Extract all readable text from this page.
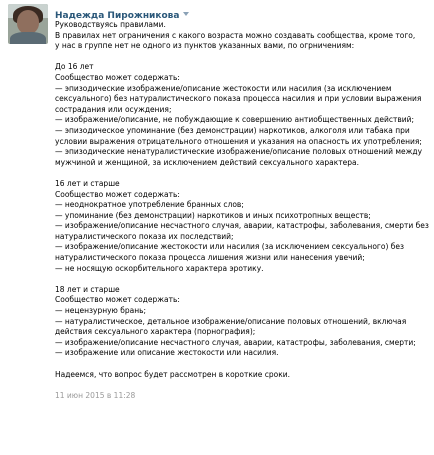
Надежда Пирожникова
Руководствуясь правилами.
В правилах нет ограничения с какого возраста можно создавать сообщества, кроме того,
у нас в группе нет не одного из пунктов указанных вами, по огрничениям:
До 16 лет
Сообщество может содержать:
— эпизодические изображение/описание жестокости или насилия (за исключением
сексуального) без натуралистического показа процесса насилия и при условии выражения
сострадания или осуждения;
— изображение/описание, не побуждающие к совершению антиобщественных действий;
— эпизодическое упоминание (без демонстрации) наркотиков, алкоголя или табака при
условии выражения отрицательного отношения и указания на опасность их употребления;
— эпизодические ненатуралистические изображение/описание половых отношений между
мужчиной и женщиной, за исключением действий сексуального характера.
16 лет и старше
Сообщество может содержать:
— неоднократное употребление бранных слов;
— упоминание (без демонстрации) наркотиков и иных психотропных веществ;
— изображение/описание несчастного случая, аварии, катастрофы, заболевания, смерти без
натуралистического показа их последствий;
— изображение/описание жестокости или насилия (за исключением сексуального) без
натуралистического показа процесса лишения жизни или нанесения увечий;
— не носящую оскорбительного характера эротику.
18 лет и старше
Сообщество может содержать:
— нецензурную брань;
— натуралистическое, детальное изображение/описание половых отношений, включая
действия сексуального характера (порнография);
— изображение/описание несчастного случая, аварии, катастрофы, заболевания, смерти;
— изображение или описание жестокости или насилия.
Надеемся, что вопрос будет рассмотрен в короткие сроки.
11 июн 2015 в 11:28
